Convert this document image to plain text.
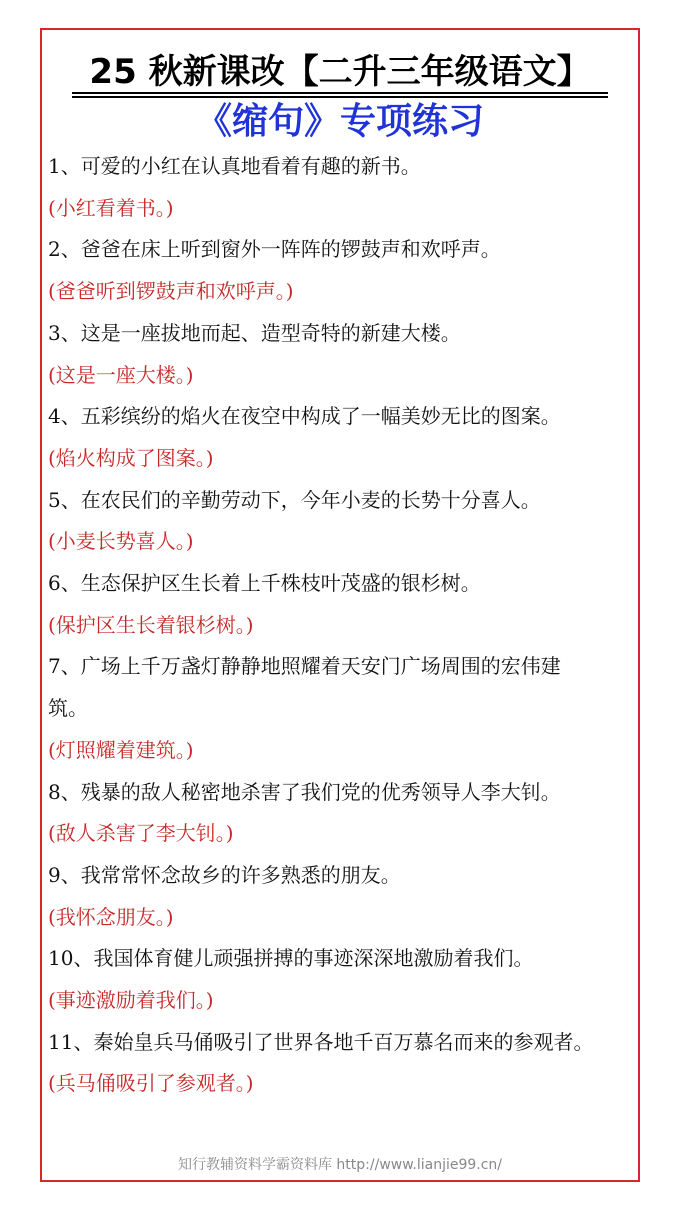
25 秋新课改【二升三年级语文】
《缩句》专项练习
1、可爱的小红在认真地看着有趣的新书。
(小红看着书。)
2、爸爸在床上听到窗外一阵阵的锣鼓声和欢呼声。
(爸爸听到锣鼓声和欢呼声。)
3、这是一座拔地而起、造型奇特的新建大楼。
(这是一座大楼。)
4、五彩缤纷的焰火在夜空中构成了一幅美妙无比的图案。
(焰火构成了图案。)
5、在农民们的辛勤劳动下，今年小麦的长势十分喜人。
(小麦长势喜人。)
6、生态保护区生长着上千株枝叶茂盛的银杉树。
(保护区生长着银杉树。)
7、广场上千万盏灯静静地照耀着天安门广场周围的宏伟建
筑。
(灯照耀着建筑。)
8、残暴的敌人秘密地杀害了我们党的优秀领导人李大钊。
(敌人杀害了李大钊。)
9、我常常怀念故乡的许多熟悉的朋友。
(我怀念朋友。)
10、我国体育健儿顽强拼搏的事迹深深地激励着我们。
(事迹激励着我们。)
11、秦始皇兵马俑吸引了世界各地千百万慕名而来的参观者。
(兵马俑吸引了参观者。)
知行教辅资料学霸资料库 http://www.lianjie99.cn/
